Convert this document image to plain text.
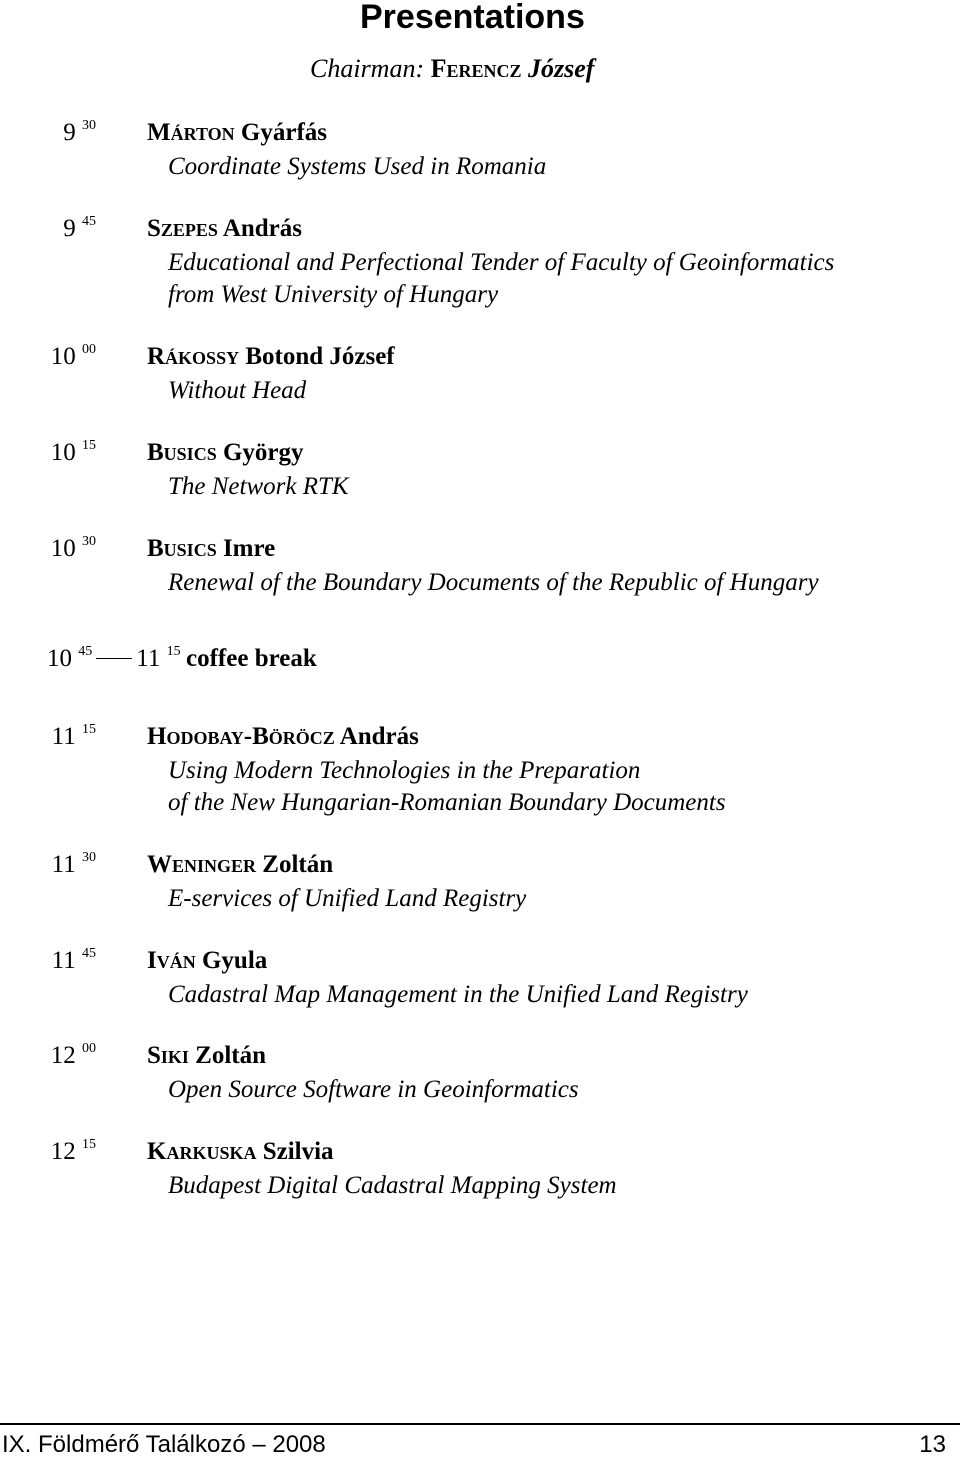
Presentations
Chairman: Ferencz József
9 $^{30}$ Márton Gyárfás
Coordinate Systems Used in Romania
9 $^{45}$ Szepes András
Educational and Perfectional Tender of Faculty of Geoinformatics
from West University of Hungary
10 $^{00}$ Rákossy Botond József
Without Head
10 $^{15}$ Busics György
The Network RTK
10 $^{30}$ Busics Imre
Renewal of the Boundary Documents of the Republic of Hungary
10 $^{45}$ 11 $^{15}$ coffee break
11 $^{15}$ Hodobay-Böröcz András
Using Modern Technologies in the Preparation
of the New Hungarian-Romanian Boundary Documents
11 $^{30}$ Weninger Zoltán
E-services of Unified Land Registry
11 $^{45}$ Iván Gyula
Cadastral Map Management in the Unified Land Registry
12 $^{00}$ Siki Zoltán
Open Source Software in Geoinformatics
12 $^{15}$ Karkuska Szilvia
Budapest Digital Cadastral Mapping System
IX. Földmérő Találkozó – 2008	13
